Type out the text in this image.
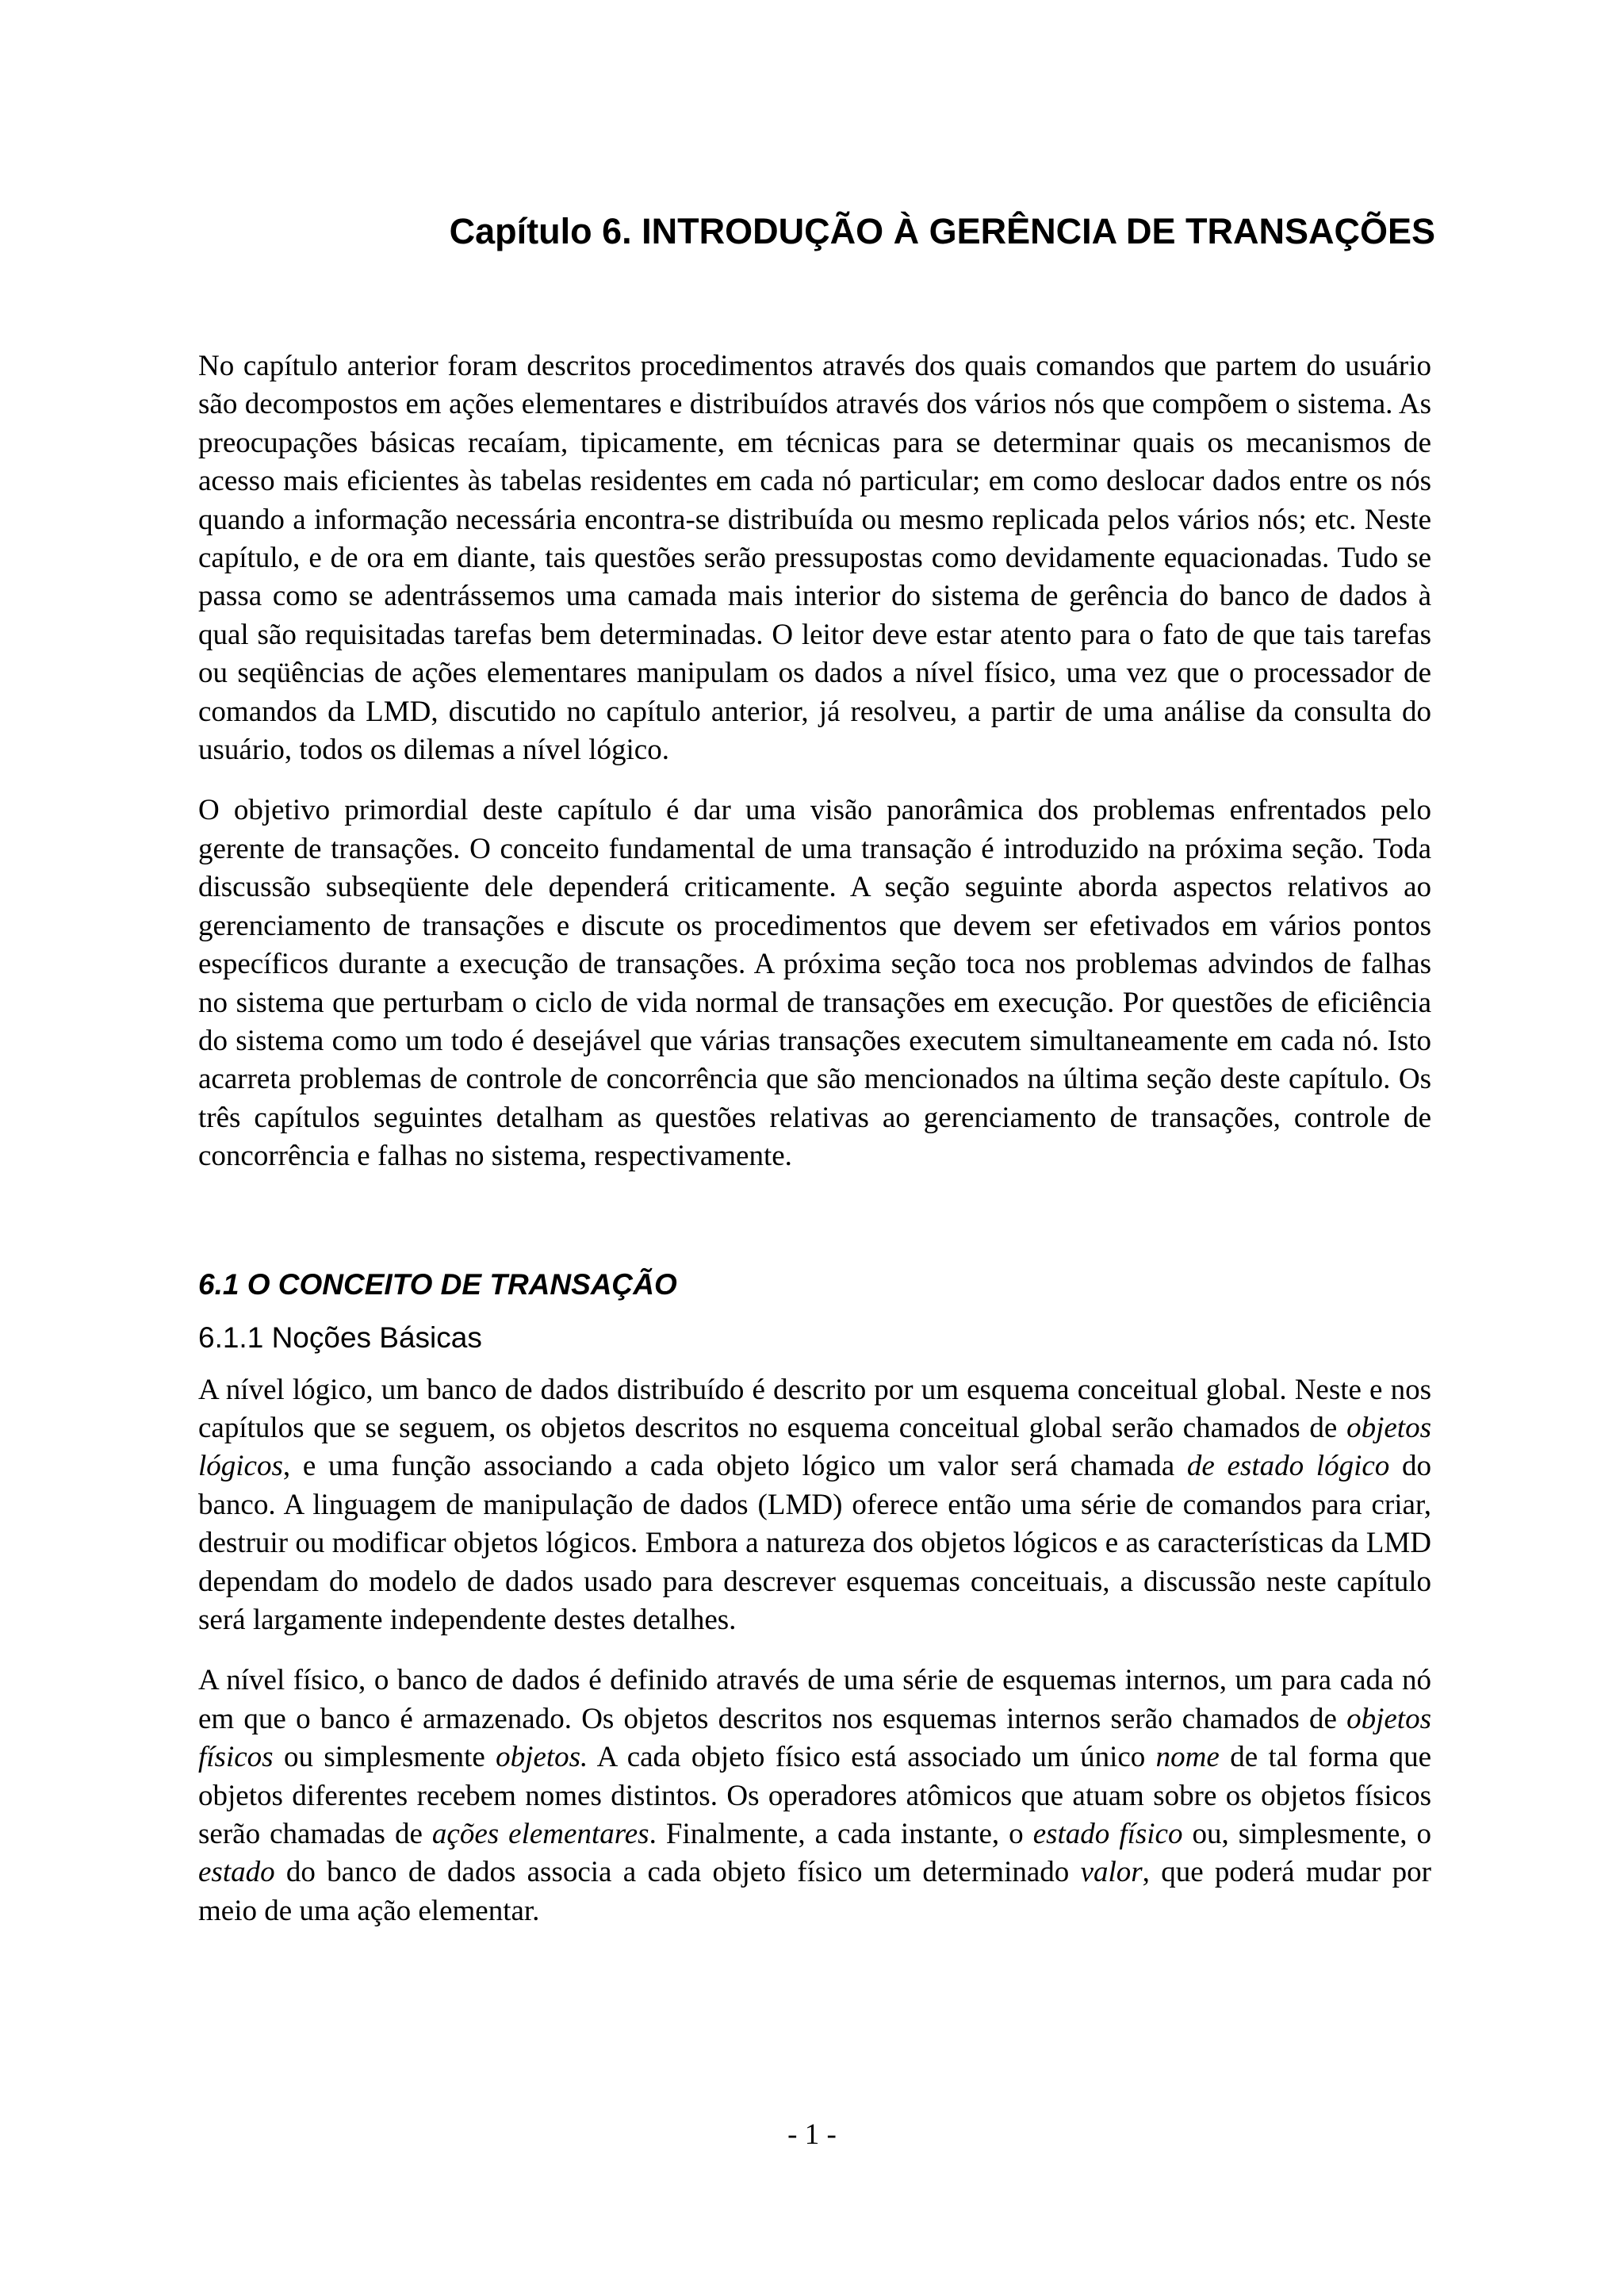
Capítulo 6. INTRODUÇÃO À GERÊNCIA DE TRANSAÇÕES

No capítulo anterior foram descritos procedimentos através dos quais comandos que partem do usuário são decompostos em ações elementares e distribuídos através dos vários nós que compõem o sistema. As preocupações básicas recaíam, tipicamente, em técnicas para se determinar quais os mecanismos de acesso mais eficientes às tabelas residentes em cada nó particular; em como deslocar dados entre os nós quando a informação necessária encontra-se distribuída ou mesmo replicada pelos vários nós; etc. Neste capítulo, e de ora em diante, tais questões serão pressupostas como devidamente equacionadas. Tudo se passa como se adentrássemos uma camada mais interior do sistema de gerência do banco de dados à qual são requisitadas tarefas bem determinadas. O leitor deve estar atento para o fato de que tais tarefas ou seqüências de ações elementares manipulam os dados a nível físico, uma vez que o processador de comandos da LMD, discutido no capítulo anterior, já resolveu, a partir de uma análise da consulta do usuário, todos os dilemas a nível lógico.

O objetivo primordial deste capítulo é dar uma visão panorâmica dos problemas enfrentados pelo gerente de transações. O conceito fundamental de uma transação é introduzido na próxima seção. Toda discussão subseqüente dele dependerá criticamente. A seção seguinte aborda aspectos relativos ao gerenciamento de transações e discute os procedimentos que devem ser efetivados em vários pontos específicos durante a execução de transações. A próxima seção toca nos problemas advindos de falhas no sistema que perturbam o ciclo de vida normal de transações em execução. Por questões de eficiência do sistema como um todo é desejável que várias transações executem simultaneamente em cada nó. Isto acarreta problemas de controle de concorrência que são mencionados na última seção deste capítulo. Os três capítulos seguintes detalham as questões relativas ao gerenciamento de transações, controle de concorrência e falhas no sistema, respectivamente.

6.1 O CONCEITO DE TRANSAÇÃO
6.1.1 Noções Básicas

A nível lógico, um banco de dados distribuído é descrito por um esquema conceitual global. Neste e nos capítulos que se seguem, os objetos descritos no esquema conceitual global serão chamados de objetos lógicos, e uma função associando a cada objeto lógico um valor será chamada de estado lógico do banco. A linguagem de manipulação de dados (LMD) oferece então uma série de comandos para criar, destruir ou modificar objetos lógicos. Embora a natureza dos objetos lógicos e as características da LMD dependam do modelo de dados usado para descrever esquemas conceituais, a discussão neste capítulo será largamente independente destes detalhes.

A nível físico, o banco de dados é definido através de uma série de esquemas internos, um para cada nó em que o banco é armazenado. Os objetos descritos nos esquemas internos serão chamados de objetos físicos ou simplesmente objetos. A cada objeto físico está associado um único nome de tal forma que objetos diferentes recebem nomes distintos. Os operadores atômicos que atuam sobre os objetos físicos serão chamadas de ações elementares. Finalmente, a cada instante, o estado físico ou, simplesmente, o estado do banco de dados associa a cada objeto físico um determinado valor, que poderá mudar por meio de uma ação elementar.

- 1 -
